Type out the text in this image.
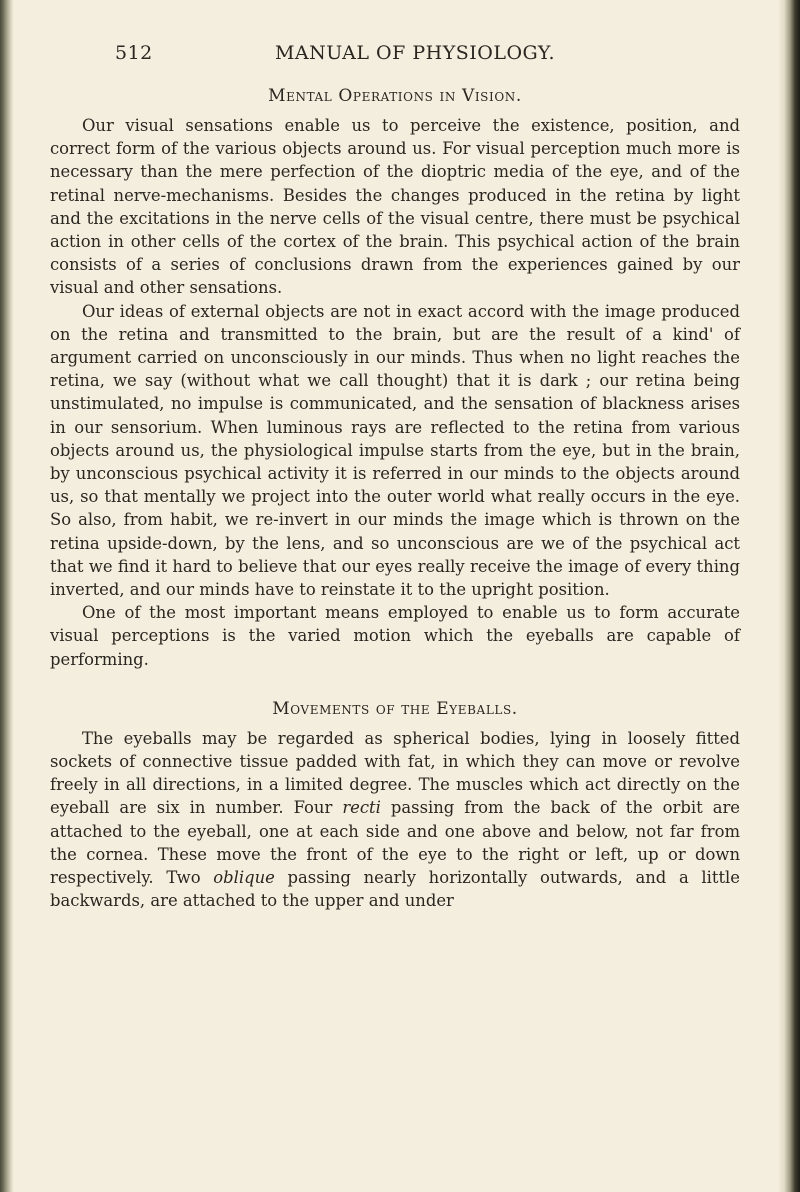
512	MANUAL OF PHYSIOLOGY.
Mental Operations in Vision.

Our visual sensations enable us to perceive the existence, position, and correct form of the various objects around us. For visual perception much more is necessary than the mere perfection of the dioptric media of the eye, and of the retinal nerve-mechanisms. Besides the changes produced in the retina by light and the excitations in the nerve cells of the visual centre, there must be psychical action in other cells of the cortex of the brain. This psychical action of the brain consists of a series of conclusions drawn from the experiences gained by our visual and other sensations.

Our ideas of external objects are not in exact accord with the image produced on the retina and transmitted to the brain, but are the result of a kind' of argument carried on unconsciously in our minds. Thus when no light reaches the retina, we say (without what we call thought) that it is dark ; our retina being unstimulated, no impulse is communicated, and the sensation of blackness arises in our sensorium. When luminous rays are reflected to the retina from various objects around us, the physiological impulse starts from the eye, but in the brain, by unconscious psychical activity it is referred in our minds to the objects around us, so that mentally we project into the outer world what really occurs in the eye. So also, from habit, we re-invert in our minds the image which is thrown on the retina upside-down, by the lens, and so unconscious are we of the psychical act that we find it hard to believe that our eyes really receive the image of every thing inverted, and our minds have to reinstate it to the upright position.

One of the most important means employed to enable us to form accurate visual perceptions is the varied motion which the eyeballs are capable of performing.

Movements of the Eyeballs.

The eyeballs may be regarded as spherical bodies, lying in loosely fitted sockets of connective tissue padded with fat, in which they can move or revolve freely in all directions, in a limited degree. The muscles which act directly on the eyeball are six in number. Four recti passing from the back of the orbit are attached to the eyeball, one at each side and one above and below, not far from the cornea. These move the front of the eye to the right or left, up or down respectively. Two oblique passing nearly horizontally outwards, and a little backwards, are attached to the upper and under
